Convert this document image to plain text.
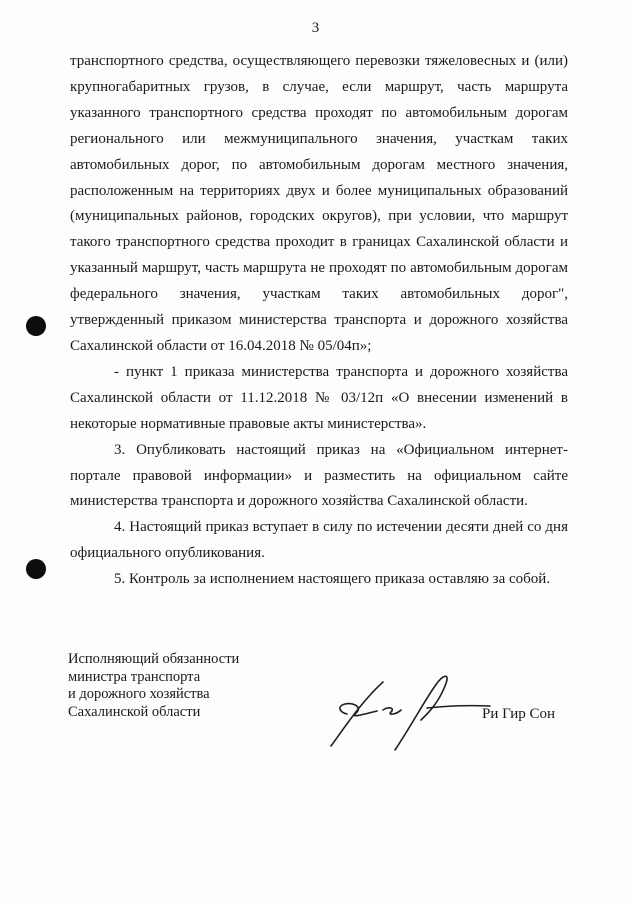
3

транспортного средства, осуществляющего перевозки тяжеловесных и (или) крупногабаритных грузов, в случае, если маршрут, часть маршрута указанного транспортного средства проходят по автомобильным дорогам регионального или межмуниципального значения, участкам таких автомобильных дорог, по автомобильным дорогам местного значения, расположенным на территориях двух и более муниципальных образований (муниципальных районов, городских округов), при условии, что маршрут такого транспортного средства проходит в границах Сахалинской области и указанный маршрут, часть маршрута не проходят по автомобильным дорогам федерального значения, участкам таких автомобильных дорог", утвержденный приказом министерства транспорта и дорожного хозяйства Сахалинской области от 16.04.2018 № 05/04п»;

- пункт 1 приказа министерства транспорта и дорожного хозяйства Сахалинской области от 11.12.2018 № 03/12п «О внесении изменений в некоторые нормативные правовые акты министерства».

3. Опубликовать настоящий приказ на «Официальном интернет-портале правовой информации» и разместить на официальном сайте министерства транспорта и дорожного хозяйства Сахалинской области.

4. Настоящий приказ вступает в силу по истечении десяти дней со дня официального опубликования.

5. Контроль за исполнением настоящего приказа оставляю за собой.

Исполняющий обязанности
министра транспорта
и дорожного хозяйства
Сахалинской области	Ри Гир Сон
